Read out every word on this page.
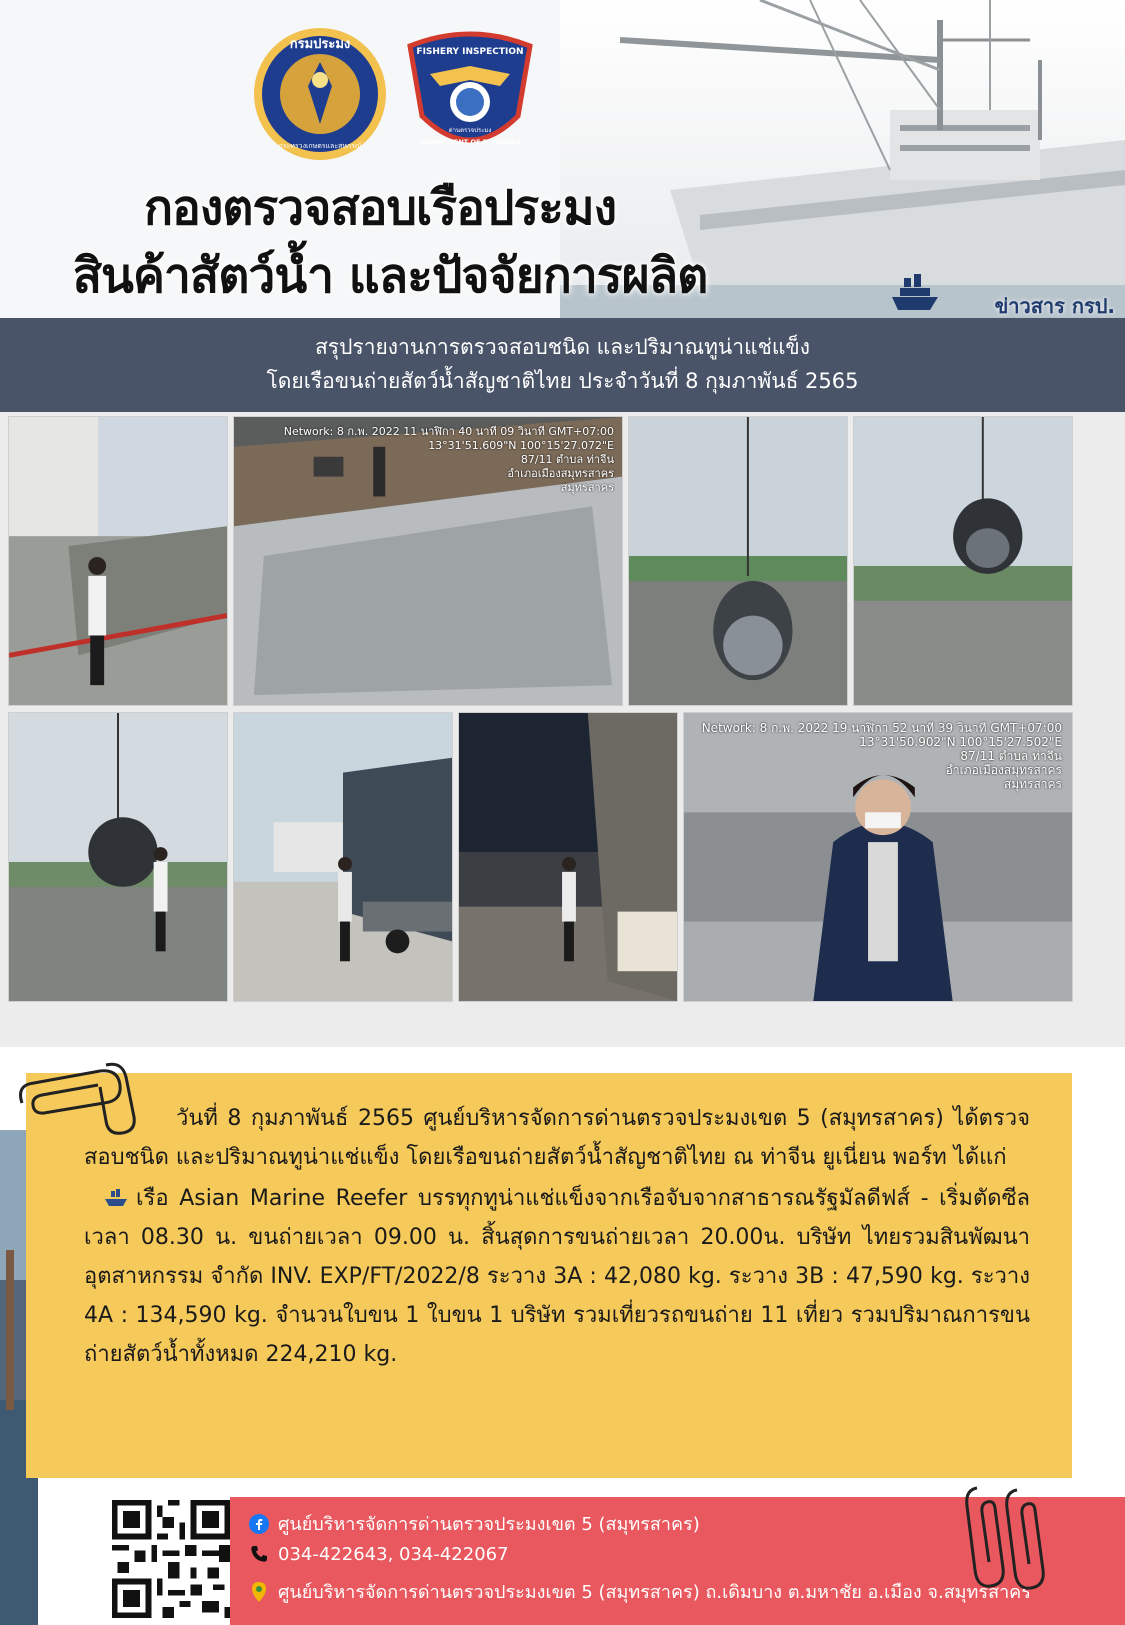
กรมประมง
กระทรวงเกษตรและสหกรณ์
FISHERY INSPECTION
ด่านตรวจประมง
DEPARTMENT OF FISHERIES
กองตรวจสอบเรือประมง
สินค้าสัตว์น้ำ และปัจจัยการผลิต
ข่าวสาร กรป.
สรุปรายงานการตรวจสอบชนิด และปริมาณทูน่าแช่แข็ง
โดยเรือขนถ่ายสัตว์น้ำสัญชาติไทย ประจำวันที่ 8 กุมภาพันธ์ 2565
Network: 8 ก.พ. 2022 11 นาฬิกา 40 นาที 09 วินาที GMT+07:00
13°31'51.609"N 100°15'27.072"E
87/11 ตำบล ท่าจีน
อำเภอเมืองสมุทรสาคร
สมุทรสาคร
Network: 8 ก.พ. 2022 19 นาฬิกา 52 นาที 39 วินาที GMT+07:00
13°31'50.902"N 100°15'27.502"E
87/11 ตำบล ท่าจีน
อำเภอเมืองสมุทรสาคร
สมุทรสาคร

วันที่ 8 กุมภาพันธ์ 2565 ศูนย์บริหารจัดการด่านตรวจประมงเขต 5 (สมุทรสาคร) ได้ตรวจสอบชนิด และปริมาณทูน่าแช่แข็ง โดยเรือขนถ่ายสัตว์น้ำสัญชาติไทย ณ ท่าจีน ยูเนี่ยน พอร์ท ได้แก่

เรือ Asian Marine Reefer บรรทุกทูน่าแช่แข็งจากเรือจับจากสาธารณรัฐมัลดีฟส์ - เริ่มตัดซีลเวลา 08.30 น. ขนถ่ายเวลา 09.00 น. สิ้นสุดการขนถ่ายเวลา 20.00น. บริษัท ไทยรวมสินพัฒนาอุตสาหกรรม จำกัด INV. EXP/FT/2022/8 ระวาง 3A : 42,080 kg. ระวาง 3B : 47,590 kg. ระวาง 4A : 134,590 kg. จำนวนใบขน 1 ใบขน 1 บริษัท รวมเที่ยวรถขนถ่าย 11 เที่ยว รวมปริมาณการขนถ่ายสัตว์น้ำทั้งหมด 224,210 kg.

ศูนย์บริหารจัดการด่านตรวจประมงเขต 5 (สมุทรสาคร)
034-422643, 034-422067
ศูนย์บริหารจัดการด่านตรวจประมงเขต 5 (สมุทรสาคร) ถ.เดิมบาง ต.มหาชัย อ.เมือง จ.สมุทรสาคร
